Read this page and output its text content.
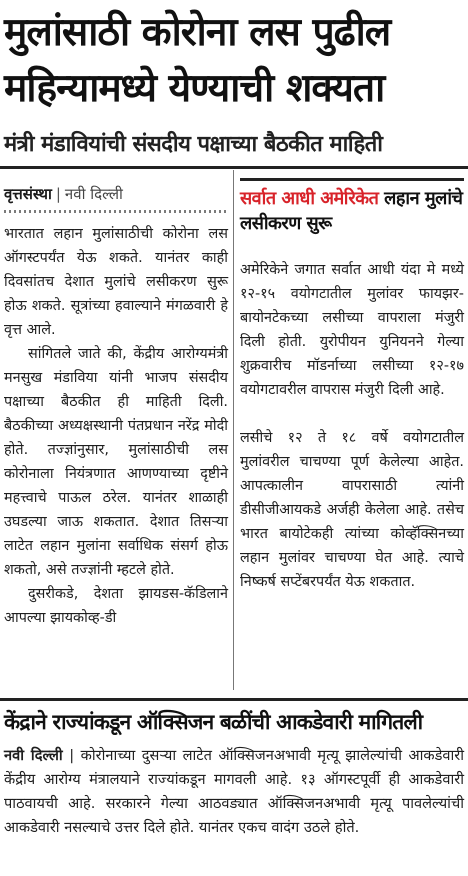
मुलांसाठी कोरोना लस पुढील
महिन्यामध्ये येण्याची शक्यता
मंत्री मंडावियांची संसदीय पक्षाच्या बैठकीत माहिती
वृत्तसंस्था | नवी दिल्ली

भारतात लहान मुलांसाठीची कोरोना लस ऑगस्टपर्यंत येऊ शकते. यानंतर काही दिवसांतच देशात मुलांचे लसीकरण सुरू होऊ शकते. सूत्रांच्या हवाल्याने मंगळवारी हे वृत्त आले.

सांगितले जाते की, केंद्रीय आरोग्यमंत्री मनसुख मंडाविया यांनी भाजप संसदीय पक्षाच्या बैठकीत ही माहिती दिली. बैठकीच्या अध्यक्षस्थानी पंतप्रधान नरेंद्र मोदी होते. तज्ज्ञांनुसार, मुलांसाठीची लस कोरोनाला नियंत्रणात आणण्याच्या दृष्टीने महत्त्वाचे पाऊल ठरेल. यानंतर शाळाही उघडल्या जाऊ शकतात. देशात तिसऱ्या लाटेत लहान मुलांना सर्वाधिक संसर्ग होऊ शकतो, असे तज्ज्ञांनी म्हटले होते.

दुसरीकडे, देशता झायडस-कॅडिलाने आपल्या झायकोव्ह-डी

सर्वात आधी अमेरिकेत लहान मुलांचे लसीकरण सुरू

अमेरिकेने जगात सर्वात आधी यंदा मे मध्ये १२-१५ वयोगटातील मुलांवर फायझर-बायोनटेकच्या लसीच्या वापराला मंजुरी दिली होती. युरोपीयन युनियनने गेल्या शुक्रवारीच मॉडर्नाच्या लसीच्या १२-१७ वयोगटावरील वापरास मंजुरी दिली आहे.

लसीचे १२ ते १८ वर्षे वयोगटातील मुलांवरील चाचण्या पूर्ण केलेल्या आहेत. आपत्कालीन वापरासाठी त्यांनी डीसीजीआयकडे अर्जही केलेला आहे. तसेच भारत बायोटेकही त्यांच्या कोव्हॅक्सिनच्या लहान मुलांवर चाचण्या घेत आहे. त्याचे निष्कर्ष सप्टेंबरपर्यंत येऊ शकतात.

केंद्राने राज्यांकडून ऑक्सिजन बळींची आकडेवारी मागितली
नवी दिल्ली | कोरोनाच्या दुसऱ्या लाटेत ऑक्सिजनअभावी मृत्यू झालेल्यांची आकडेवारी केंद्रीय आरोग्य मंत्रालयाने राज्यांकडून मागवली आहे. १३ ऑगस्टपूर्वी ही आकडेवारी पाठवायची आहे. सरकारने गेल्या आठवड्यात ऑक्सिजनअभावी मृत्यू पावलेल्यांची आकडेवारी नसल्याचे उत्तर दिले होते. यानंतर एकच वादंग उठले होते.
